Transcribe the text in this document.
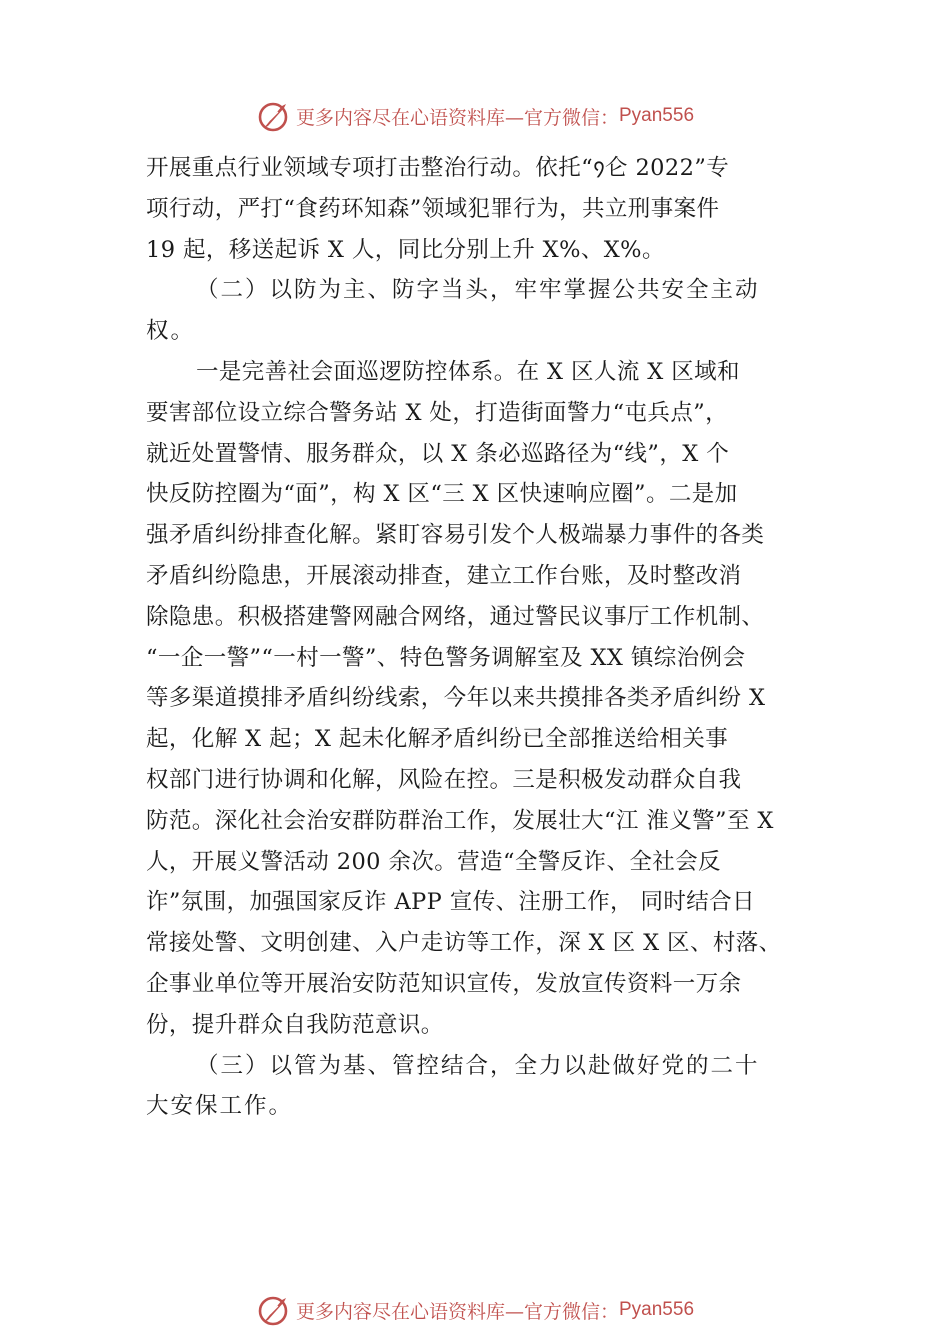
更多内容尽在心语资料库—官方微信： Pyan556
开展重点行业领域专项打击整治行动。依托“᠀仑 2022”专
项行动，严打“食药环知森”领域犯罪行为，共立刑事案件
19 起，移送起诉 X 人，同比分别上升 X%、X%。
（二）以防为主、防字当头，牢牢掌握公共安全主动
权。
一是完善社会面巡逻防控体系。在 X 区人流 X 区域和
要害部位设立综合警务站 X 处，打造街面警力“屯兵点”，
就近处置警情、服务群众，以 X 条必巡路径为“线”，X 个
快反防控圈为“面”，构 X 区“三 X 区快速响应圈”。二是加
强矛盾纠纷排查化解。紧盯容易引发个人极端暴力事件的各类
矛盾纠纷隐患，开展滚动排查，建立工作台账，及时整改消
除隐患。积极搭建警网融合网络，通过警民议事厅工作机制、
“一企一警”“一村一警”、特色警务调解室及 XX 镇综治例会
等多渠道摸排矛盾纠纷线索，今年以来共摸排各类矛盾纠纷 X
起，化解 X 起；X 起未化解矛盾纠纷已全部推送给相关事
权部门进行协调和化解，风险在控。三是积极发动群众自我
防范。深化社会治安群防群治工作，发展壮大“江 淮义警”至 X
人，开展义警活动 200 余次。营造“全警反诈、全社会反
诈”氛围，加强国家反诈 APP 宣传、注册工作， 同时结合日
常接处警、文明创建、入户走访等工作，深 X 区 X 区、村落、
企事业单位等开展治安防范知识宣传，发放宣传资料一万余
份，提升群众自我防范意识。
（三）以管为基、管控结合，全力以赴做好党的二十
大安保工作。
更多内容尽在心语资料库—官方微信： Pyan556
